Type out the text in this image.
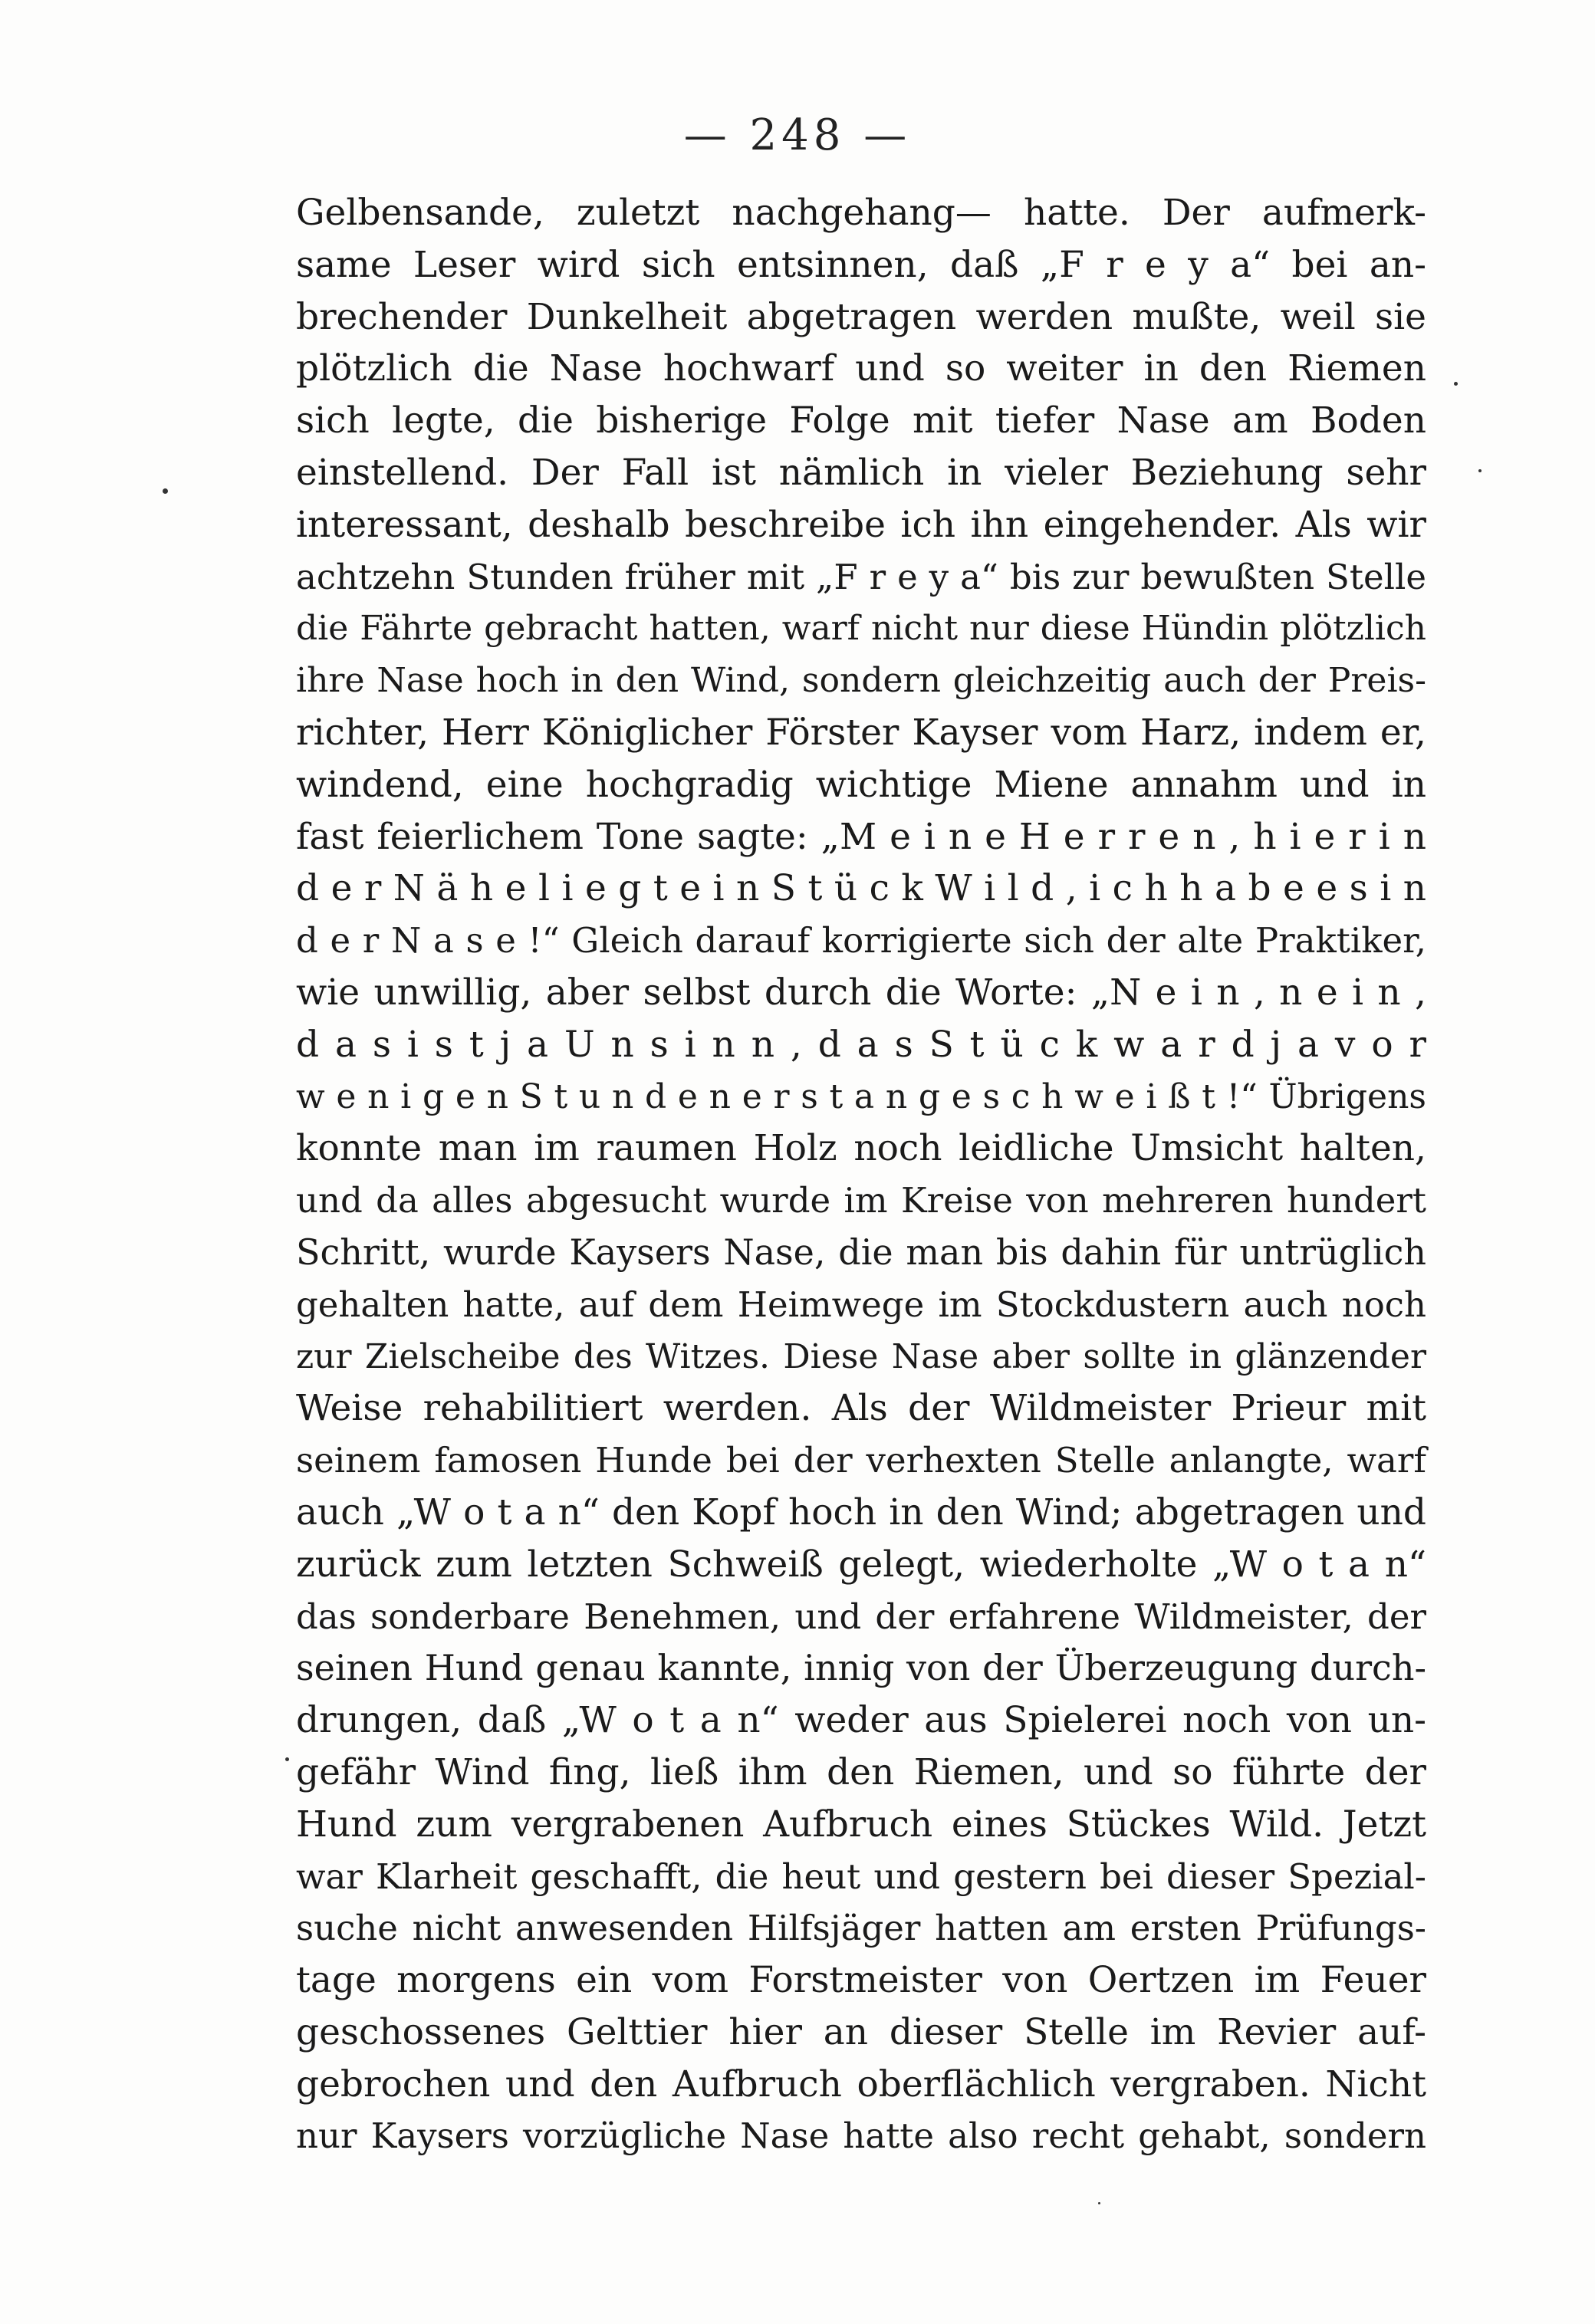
— 248 —
Gelbensande, zuletzt nachgehang— hatte. Der aufmerk-
same Leser wird sich entsinnen, daß „F r e y a“ bei an-
brechender Dunkelheit abgetragen werden mußte, weil sie
plötzlich die Nase hochwarf und so weiter in den Riemen
sich legte, die bisherige Folge mit tiefer Nase am Boden
einstellend. Der Fall ist nämlich in vieler Beziehung sehr
interessant, deshalb beschreibe ich ihn eingehender. Als wir
achtzehn Stunden früher mit „F r e y a“ bis zur bewußten Stelle
die Fährte gebracht hatten, warf nicht nur diese Hündin plötzlich
ihre Nase hoch in den Wind, sondern gleichzeitig auch der Preis-
richter, Herr Königlicher Förster Kayser vom Harz, indem er,
windend, eine hochgradig wichtige Miene annahm und in
fast feierlichem Tone sagte: „M e i n e H e r r e n , h i e r i n
d e r N ä h e l i e g t e i n S t ü c k W i l d , i c h h a b e e s i n
d e r N a s e !“ Gleich darauf korrigierte sich der alte Praktiker,
wie unwillig, aber selbst durch die Worte: „N e i n , n e i n ,
d a s i s t j a U n s i n n , d a s S t ü c k w a r d j a v o r
w e n i g e n S t u n d e n e r s t a n g e s c h w e i ß t !“ Übrigens
konnte man im raumen Holz noch leidliche Umsicht halten,
und da alles abgesucht wurde im Kreise von mehreren hundert
Schritt, wurde Kaysers Nase, die man bis dahin für untrüglich
gehalten hatte, auf dem Heimwege im Stockdustern auch noch
zur Zielscheibe des Witzes. Diese Nase aber sollte in glänzender
Weise rehabilitiert werden. Als der Wildmeister Prieur mit
seinem famosen Hunde bei der verhexten Stelle anlangte, warf
auch „W o t a n“ den Kopf hoch in den Wind; abgetragen und
zurück zum letzten Schweiß gelegt, wiederholte „W o t a n“
das sonderbare Benehmen, und der erfahrene Wildmeister, der
seinen Hund genau kannte, innig von der Überzeugung durch-
drungen, daß „W o t a n“ weder aus Spielerei noch von un-
gefähr Wind fing, ließ ihm den Riemen, und so führte der
Hund zum vergrabenen Aufbruch eines Stückes Wild. Jetzt
war Klarheit geschafft, die heut und gestern bei dieser Spezial-
suche nicht anwesenden Hilfsjäger hatten am ersten Prüfungs-
tage morgens ein vom Forstmeister von Oertzen im Feuer
geschossenes Gelttier hier an dieser Stelle im Revier auf-
gebrochen und den Aufbruch oberflächlich vergraben. Nicht
nur Kaysers vorzügliche Nase hatte also recht gehabt, sondern
